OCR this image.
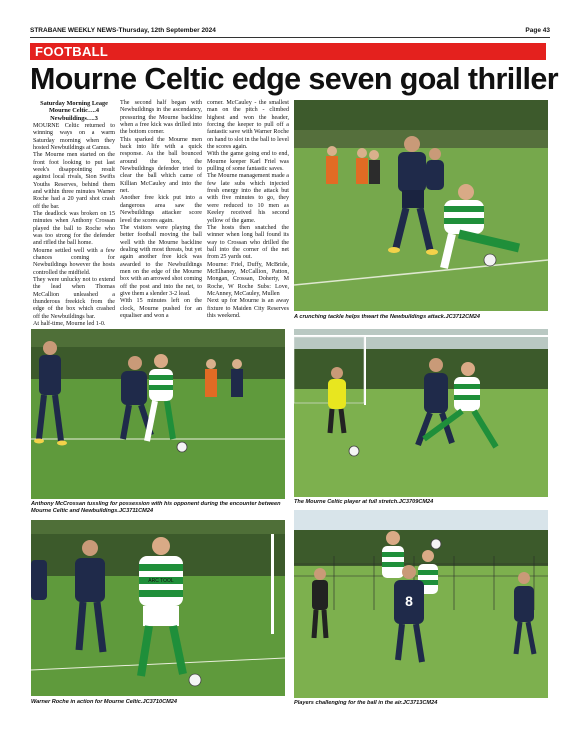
STRABANE WEEKLY NEWS-Thursday, 12th September 2024	Page 43
FOOTBALL
Mourne Celtic edge seven goal thriller
Saturday Morning Leage
Mourne Celtic….4
Newbuildings….3

MOURNE Celtic returned to winning ways on a warm Saturday morning when they hosted Newbuildings at Camus.

The Mourne men started on the front foot looking to put last week's disappointing result against local rivals, Sion Swifts Youths Reserves, behind them and within three minutes Warner Roche had a 20 yard shot crash off the bar.

The deadlock was broken on 15 minutes when Anthony Crossan played the ball to Roche who was too strong for the defender and rifled the ball home.

Mourne settled well with a few chances coming for Newbuildings however the hosts controlled the midfield.

They were unlucky not to extend the lead when Thomas McCallion unleashed a thunderous freekick from the edge of the box which crashed off the Newbuildings bar.

At half-time, Mourne led 1-0.

The second half began with Newbuildings in the ascendancy, pressuring the Mourne backline when a free kick was drilled into the bottom corner.

This sparked the Mourne men back into life with a quick response. As the ball bounced around the box, the Newbuildings defender tried to clear the ball which came of Killian McCauley and into the net.

Another free kick put into a dangerous area saw the Newbuildings attacker score level the scores again.

The visitors were playing the better football moving the ball well with the Mourne backline dealing with most threats, but yet again another free kick was awarded to the Newbuildings men on the edge of the Mourne box with an arrowed shot coming off the post and into the net, to give them a slender 3-2 lead.

With 15 minutes left on the clock, Mourne pushed for an equaliser and won a

corner. McCauley - the smallest man on the pitch - climbed highest and won the header, forcing the keeper to pull off a fantastic save with Warner Roche on hand to slot in the ball to level the scores again.

With the game going end to end, Mourne keeper Karl Friel was pulling of some fantastic saves.

The Mourne management made a few late subs which injected fresh energy into the attack but with five minutes to go, they were reduced to 10 men as Keeley received his second yellow of the game.

The hosts then snatched the winner when long ball found its way to Crossan who drilled the ball into the corner of the net from 25 yards out.

Mourne: Friel, Duffy, McBride, McElhaney, McCallion, Patton, Mongan, Crossan, Doherty, M Roche, W Roche Subs: Love, McAnney, McCauley, Mullen

Next up for Mourne is an away fixture to Maiden City Reserves this weekend.	A crunching tackle helps thwart the Newbuildings attack.JC3712CM24
Anthony McCrossan tussling for possession with his opponent during the encounter between Mourne Celtic and Newbuildings.JC3711CM24
The Mourne Celtic player at full stretch.JC3709CM24
ARC TOOL
Warner Roche in action for Mourne Celtic.JC3710CM24
8
Players challenging for the ball in the air.JC3713CM24
